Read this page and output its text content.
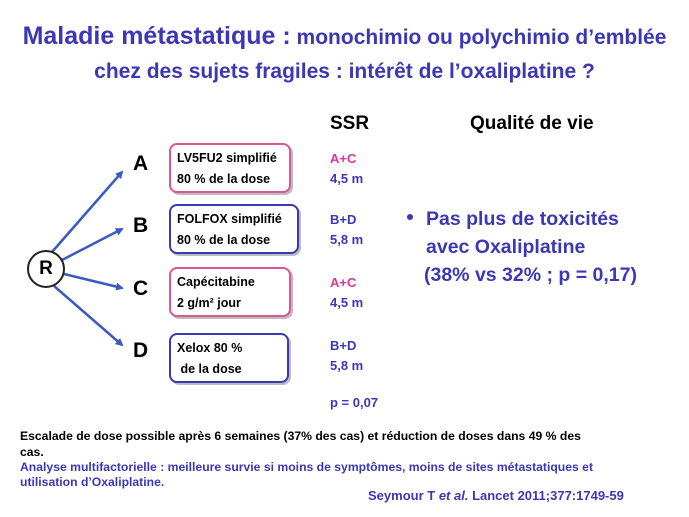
Maladie métastatique : monochimio ou polychimio d’emblée
chez des sujets fragiles : intérêt de l’oxaliplatine ?
SSR	Qualité de vie
R
A
B
C
D
LV5FU2 simplifié
80 % de la dose
FOLFOX simplifié
80 % de la dose
Capécitabine
2 g/m² jour
Xelox 80 %
de la dose
A+C
4,5 m
B+D
5,8 m
A+C
4,5 m
B+D
5,8 m
p = 0,07
Pas plus de toxicités
avec Oxaliplatine
(38% vs 32% ; p = 0,17)
Escalade de dose possible après 6 semaines (37% des cas) et réduction de doses dans 49 % des
cas.
Analyse multifactorielle : meilleure survie si moins de symptômes, moins de sites métastatiques et
utilisation d’Oxaliplatine.
Seymour T et al. Lancet 2011;377:1749-59
